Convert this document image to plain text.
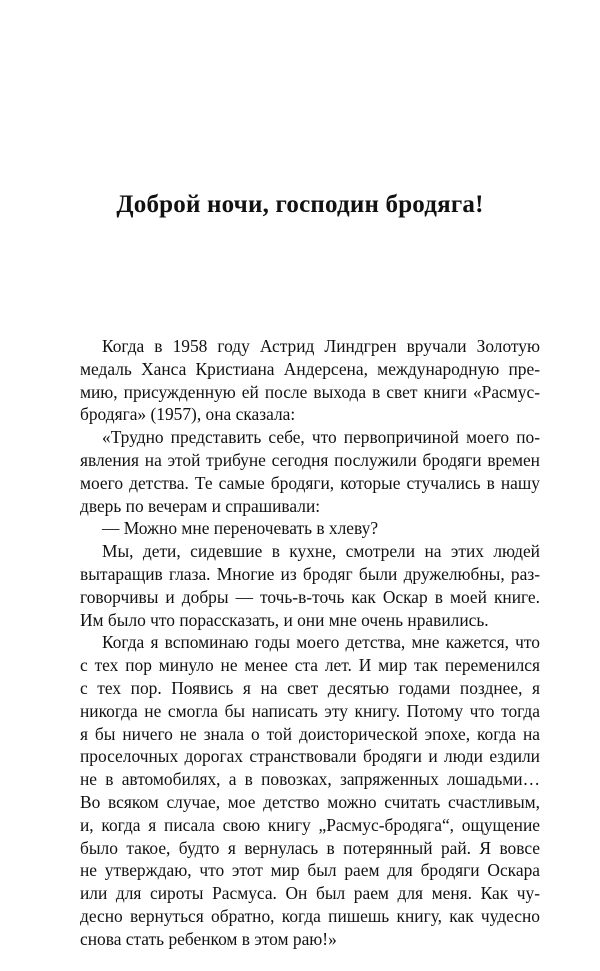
Доброй ночи, господин бродяга!
Когда в 1958 году Астрид Линдгрен вручали Золотую
медаль Ханса Кристиана Андерсена, международную пре-
мию, присужденную ей после выхода в свет книги «Расмус-
бродяга» (1957), она сказала:
«Трудно представить себе, что первопричиной моего по-
явления на этой трибуне сегодня послужили бродяги времен
моего детства. Те самые бродяги, которые стучались в нашу
дверь по вечерам и спрашивали:
— Можно мне переночевать в хлеву?
Мы, дети, сидевшие в кухне, смотрели на этих людей
вытаращив глаза. Многие из бродяг были дружелюбны, раз-
говорчивы и добры — точь-в-точь как Оскар в моей книге.
Им было что порассказать, и они мне очень нравились.
Когда я вспоминаю годы моего детства, мне кажется, что
с тех пор минуло не менее ста лет. И мир так переменился
с тех пор. Появись я на свет десятью годами позднее, я
никогда не смогла бы написать эту книгу. Потому что тогда
я бы ничего не знала о той доисторической эпохе, когда на
проселочных дорогах странствовали бродяги и люди ездили
не в автомобилях, а в повозках, запряженных лошадьми…
Во всяком случае, мое детство можно считать счастливым,
и, когда я писала свою книгу „Расмус-бродяга“, ощущение
было такое, будто я вернулась в потерянный рай. Я вовсе
не утверждаю, что этот мир был раем для бродяги Оскара
или для сироты Расмуса. Он был раем для меня. Как чу-
десно вернуться обратно, когда пишешь книгу, как чудесно
снова стать ребенком в этом раю!»
